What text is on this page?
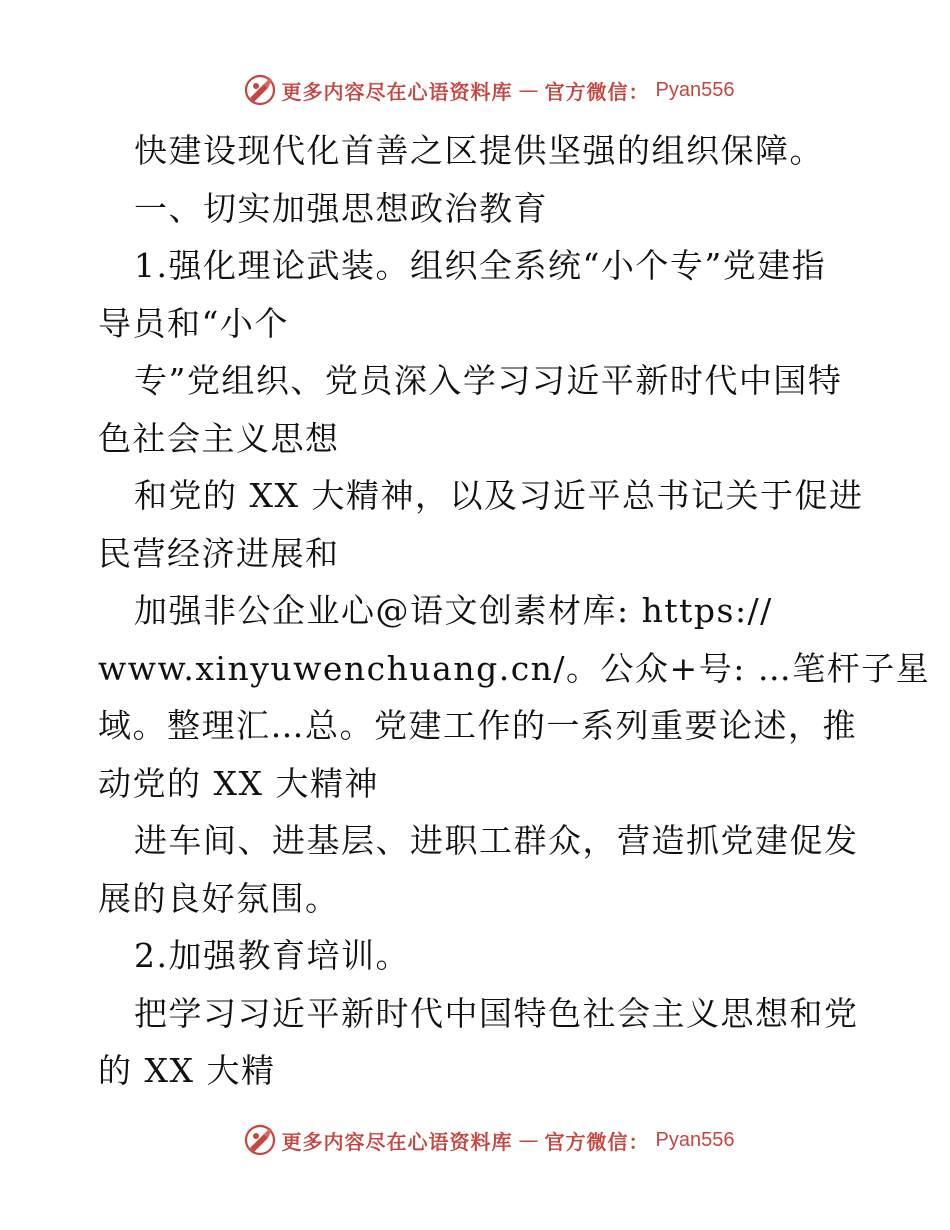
更多内容尽在心语资料库 — 官方微信： Pyan556
快建设现代化首善之区提供坚强的组织保障。
一、切实加强思想政治教育
1.强化理论武装。组织全系统“小个专”党建指
导员和“小个
专”党组织、党员深入学习习近平新时代中国特
色社会主义思想
和党的 XX 大精神，以及习近平总书记关于促进
民营经济进展和
加强非公企业心@语文创素材库: https://
www.xinyuwenchuang.cn/。公众+号: …笔杆子星
域。整理汇…总。党建工作的一系列重要论述，推
动党的 XX 大精神
进车间、进基层、进职工群众，营造抓党建促发
展的良好氛围。
2.加强教育培训。
把学习习近平新时代中国特色社会主义思想和党
的 XX 大精
更多内容尽在心语资料库 — 官方微信： Pyan556
